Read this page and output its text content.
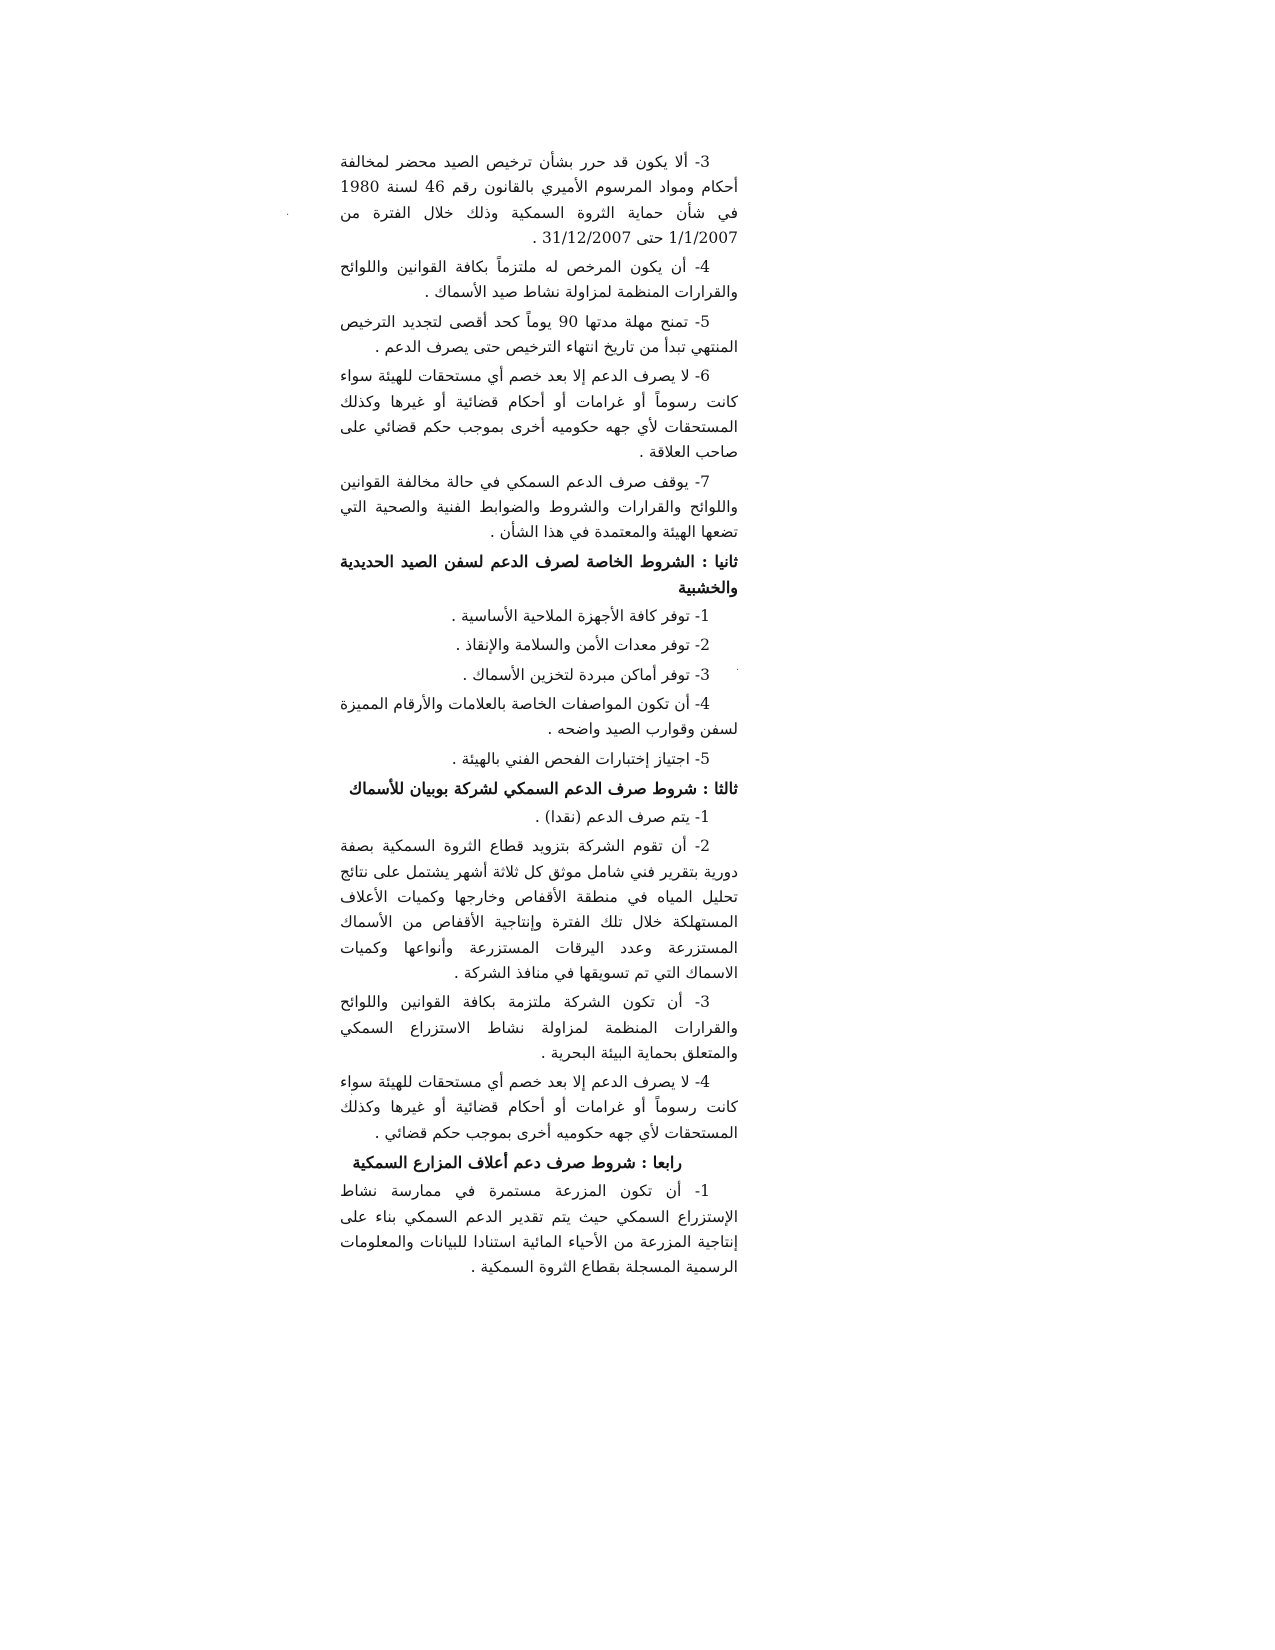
3- ألا يكون قد حرر بشأن ترخيص الصيد محضر لمخالفة أحكام ومواد المرسوم الأميري بالقانون رقم 46 لسنة 1980 في شأن حماية الثروة السمكية وذلك خلال الفترة من 1/1/2007 حتى 31/12/2007 .

4- أن يكون المرخص له ملتزماً بكافة القوانين واللوائح والقرارات المنظمة لمزاولة نشاط صيد الأسماك .

5- تمنح مهلة مدتها 90 يوماً كحد أقصى لتجديد الترخيص المنتهي تبدأ من تاريخ انتهاء الترخيص حتى يصرف الدعم .

6- لا يصرف الدعم إلا بعد خصم أي مستحقات للهيئة سواء كانت رسوماً أو غرامات أو أحكام قضائية أو غيرها وكذلك المستحقات لأي جهه حكوميه أخرى بموجب حكم قضائي على صاحب العلاقة .

7- يوقف صرف الدعم السمكي في حالة مخالفة القوانين واللوائح والقرارات والشروط والضوابط الفنية والصحية التي تضعها الهيئة والمعتمدة في هذا الشأن .

ثانيا : الشروط الخاصة لصرف الدعم لسفن الصيد الحديدية والخشبية

1- توفر كافة الأجهزة الملاحية الأساسية .

2- توفر معدات الأمن والسلامة والإنقاذ .

3- توفر أماكن مبردة لتخزين الأسماك .

4- أن تكون المواصفات الخاصة بالعلامات والأرقام المميزة لسفن وقوارب الصيد واضحه .

5- اجتياز إختبارات الفحص الفني بالهيئة .

ثالثا : شروط صرف الدعم السمكي لشركة بوبيان للأسماك

1- يتم صرف الدعم (نقدا) .

2- أن تقوم الشركة بتزويد قطاع الثروة السمكية بصفة دورية بتقرير فني شامل موثق كل ثلاثة أشهر يشتمل على نتائج تحليل المياه في منطقة الأقفاص وخارجها وكميات الأعلاف المستهلكة خلال تلك الفترة وإنتاجية الأقفاص من الأسماك المستزرعة وعدد اليرقات المستزرعة وأنواعها وكميات الاسماك التي تم تسويقها في منافذ الشركة .

3- أن تكون الشركة ملتزمة بكافة القوانين واللوائح والقرارات المنظمة لمزاولة نشاط الاستزراع السمكي والمتعلق بحماية البيئة البحرية .

4- لا يصرف الدعم إلا بعد خصم أي مستحقات للهيئة سواء كانت رسوماً أو غرامات أو أحكام قضائية أو غيرها وكذلك المستحقات لأي جهه حكوميه أخرى بموجب حكم قضائي .

رابعا : شروط صرف دعم أعلاف المزارع السمكية

1- أن تكون المزرعة مستمرة في ممارسة نشاط الإستزراع السمكي حيث يتم تقدير الدعم السمكي بناء على إنتاجية المزرعة من الأحياء المائية استنادا للبيانات والمعلومات الرسمية المسجلة بقطاع الثروة السمكية .

.
.
·
